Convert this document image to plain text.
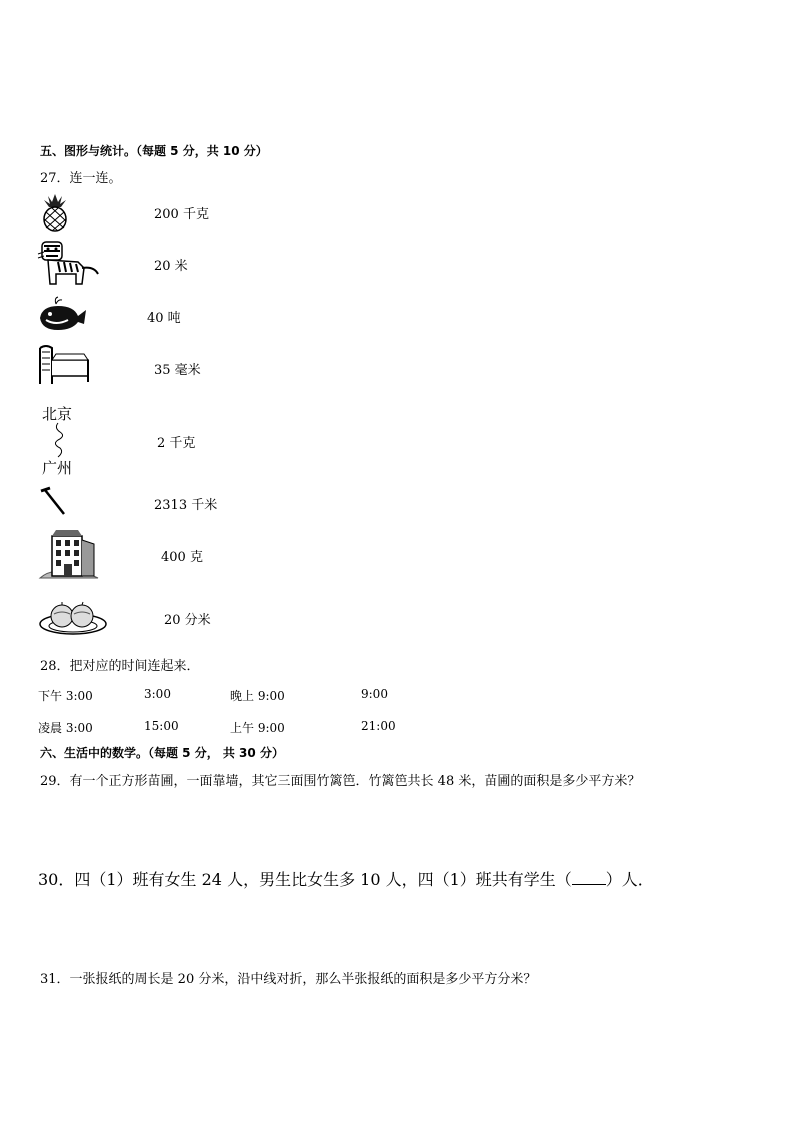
五、图形与统计。（每题 5 分，共 10 分）
27．连一连。
北京
广州
200 千克
20 米
40 吨
35 毫米
2 千克
2313 千米
400 克
20 分米
28．把对应的时间连起来．
下午 3:00	3:00	晚上 9:00	9:00
凌晨 3:00	15:00	上午 9:00	21:00
六、生活中的数学。（每题 5 分， 共 30 分）
29．有一个正方形苗圃，一面靠墙，其它三面围竹篱笆．竹篱笆共长 48 米，苗圃的面积是多少平方米？
30．四（1）班有女生 24 人，男生比女生多 10 人，四（1）班共有学生（ ）人．
31．一张报纸的周长是 20 分米，沿中线对折，那么半张报纸的面积是多少平方分米？
